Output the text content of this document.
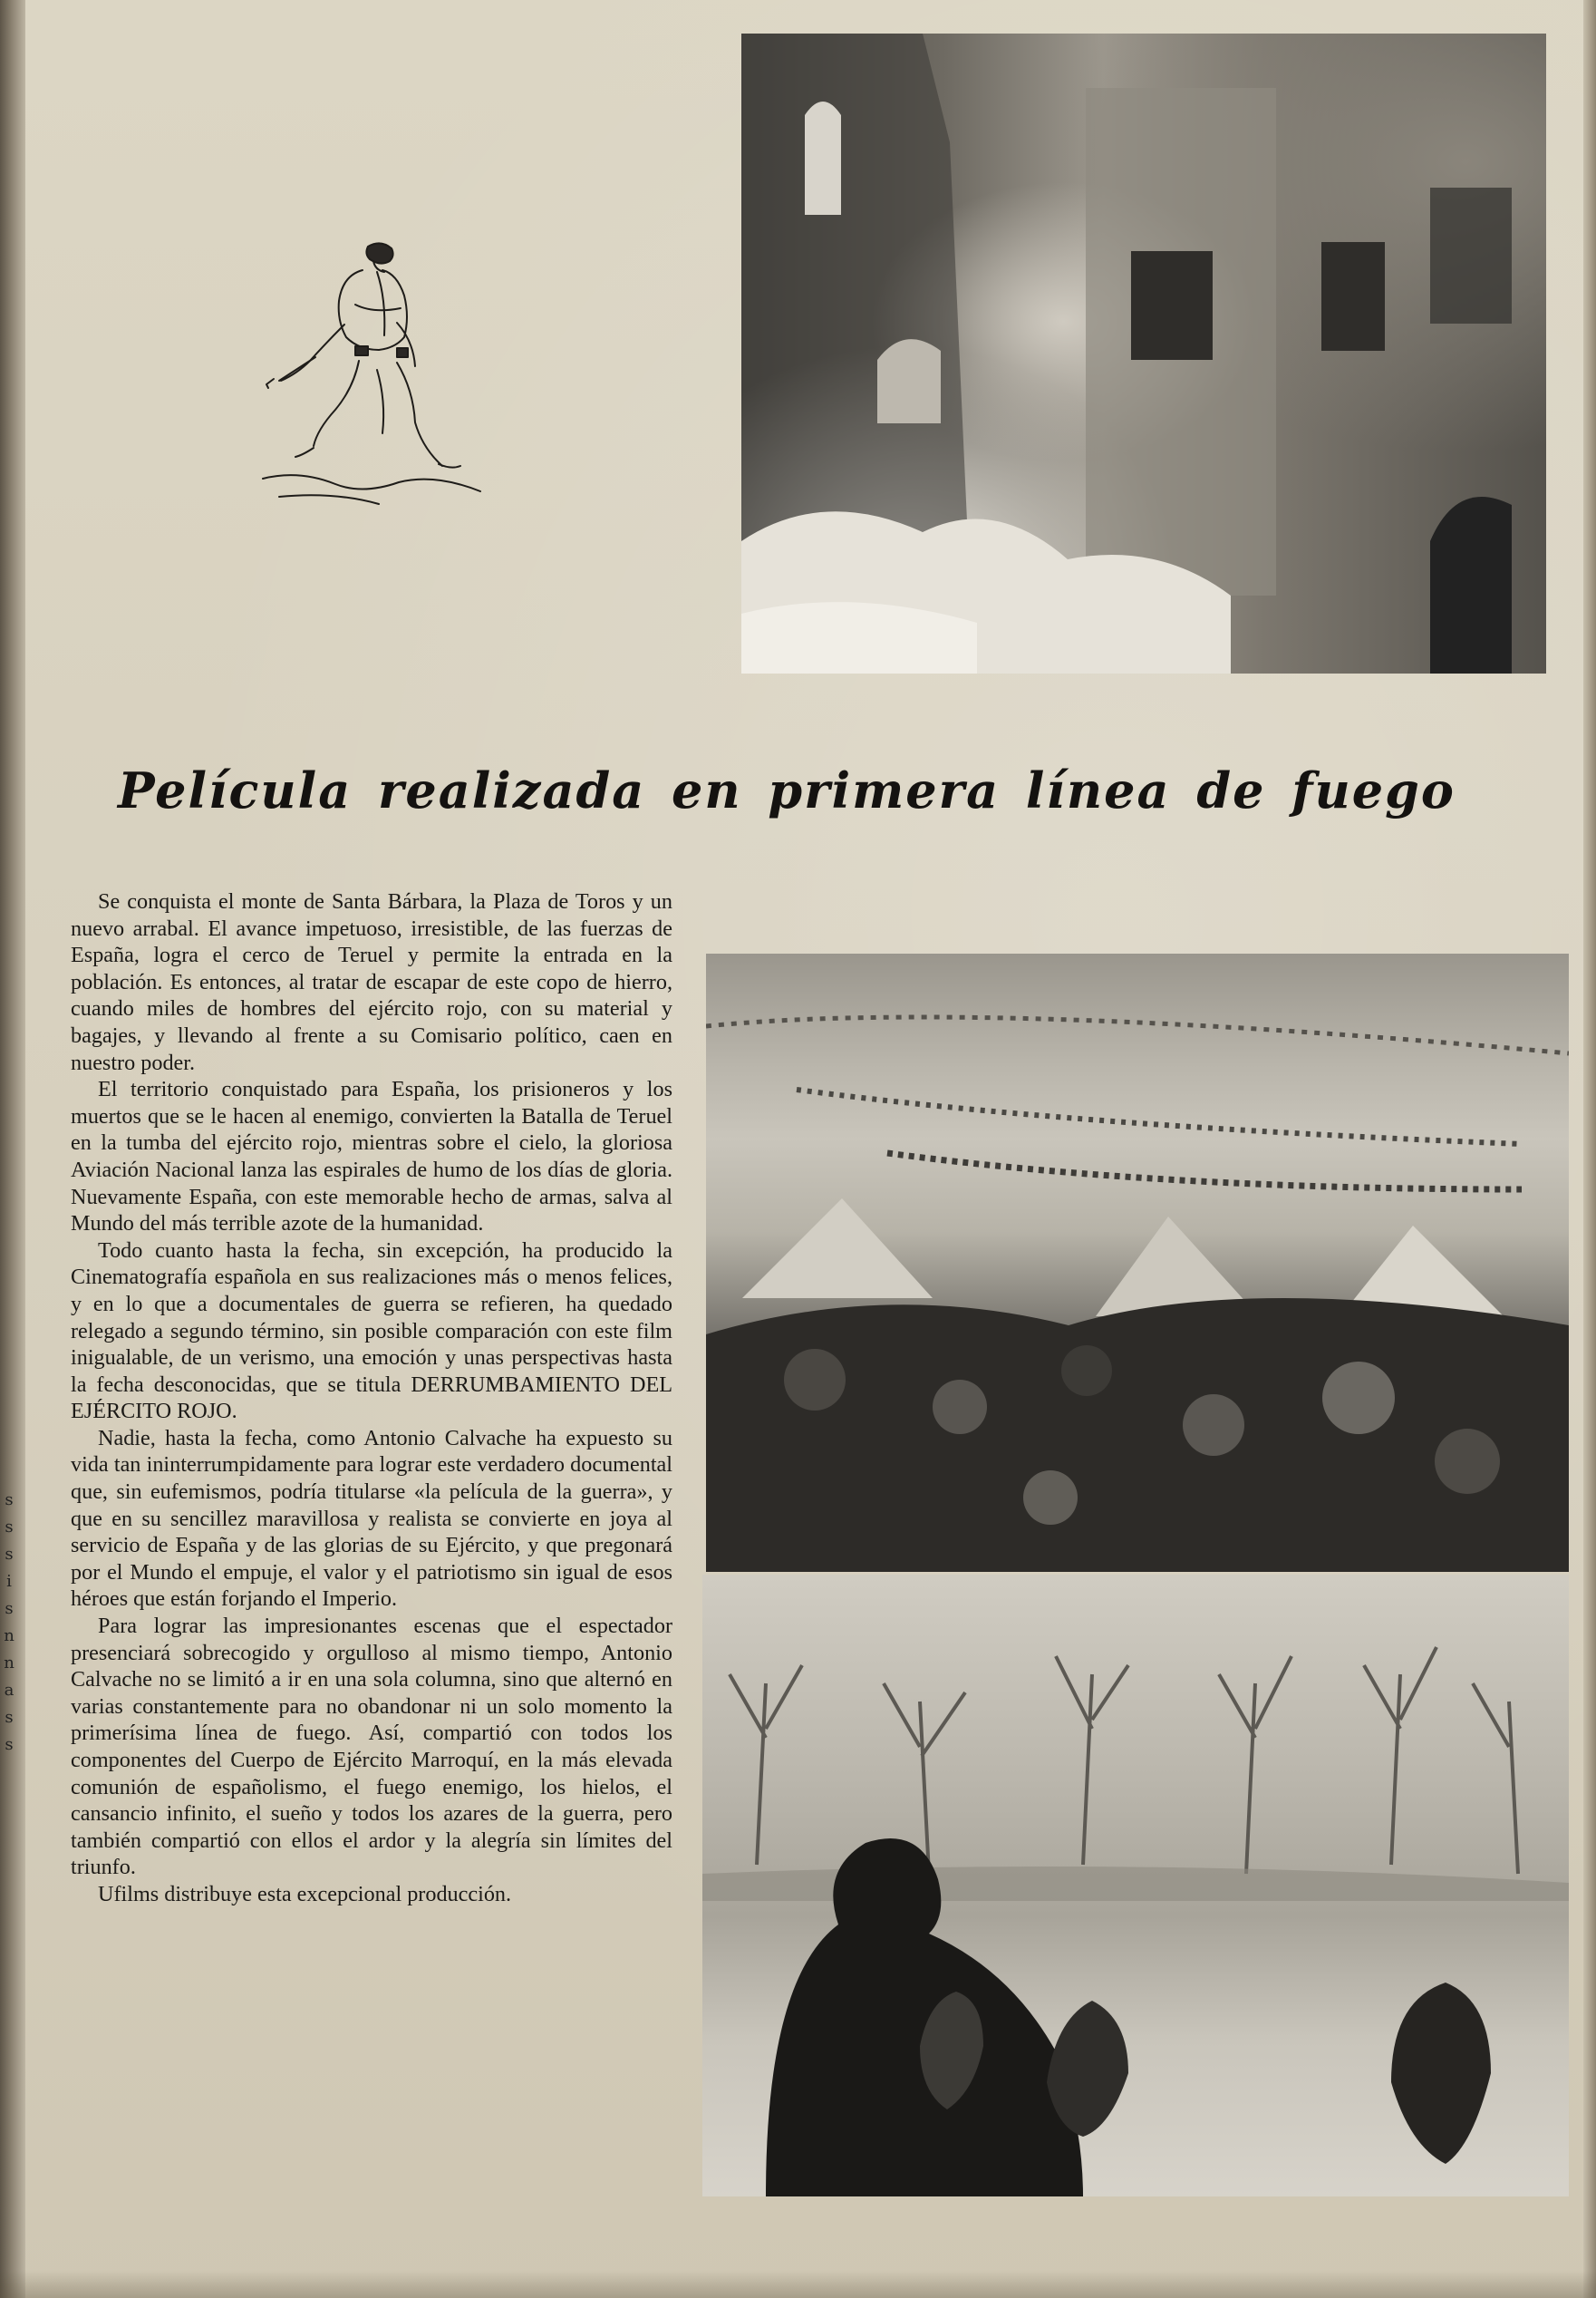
s
s
s
i
s
n
n
a
s
s
Película realizada en primera línea de fuego

Se conquista el monte de Santa Bárbara, la Plaza de Toros y un nuevo arrabal. El avance impetuoso, irresistible, de las fuerzas de España, logra el cerco de Teruel y permite la entrada en la población. Es entonces, al tratar de escapar de este copo de hierro, cuando miles de hombres del ejército rojo, con su material y bagajes, y llevando al frente a su Comisario político, caen en nuestro poder.

El territorio conquistado para España, los prisioneros y los muertos que se le hacen al enemigo, convierten la Batalla de Teruel en la tumba del ejército rojo, mientras sobre el cielo, la gloriosa Aviación Nacional lanza las espirales de humo de los días de gloria. Nuevamente España, con este memorable hecho de armas, salva al Mundo del más terrible azote de la humanidad.

Todo cuanto hasta la fecha, sin excepción, ha producido la Cinematografía española en sus realizaciones más o menos felices, y en lo que a documentales de guerra se refieren, ha quedado relegado a segundo término, sin posible comparación con este film inigualable, de un verismo, una emoción y unas perspectivas hasta la fecha desconocidas, que se titula DERRUMBAMIENTO DEL EJÉRCITO ROJO.

Nadie, hasta la fecha, como Antonio Calvache ha expuesto su vida tan ininterrumpidamente para lograr este verdadero documental que, sin eufemismos, podría titularse «la película de la guerra», y que en su sencillez maravillosa y realista se convierte en joya al servicio de España y de las glorias de su Ejército, y que pregonará por el Mundo el empuje, el valor y el patriotismo sin igual de esos héroes que están forjando el Imperio.

Para lograr las impresionantes escenas que el espectador presenciará sobrecogido y orgulloso al mismo tiempo, Antonio Calvache no se limitó a ir en una sola columna, sino que alternó en varias constantemente para no obandonar ni un solo momento la primerísima línea de fuego. Así, compartió con todos los componentes del Cuerpo de Ejército Marroquí, en la más elevada comunión de españolismo, el fuego enemigo, los hielos, el cansancio infinito, el sueño y todos los azares de la guerra, pero también compartió con ellos el ardor y la alegría sin límites del triunfo.

Ufilms distribuye esta excepcional producción.
